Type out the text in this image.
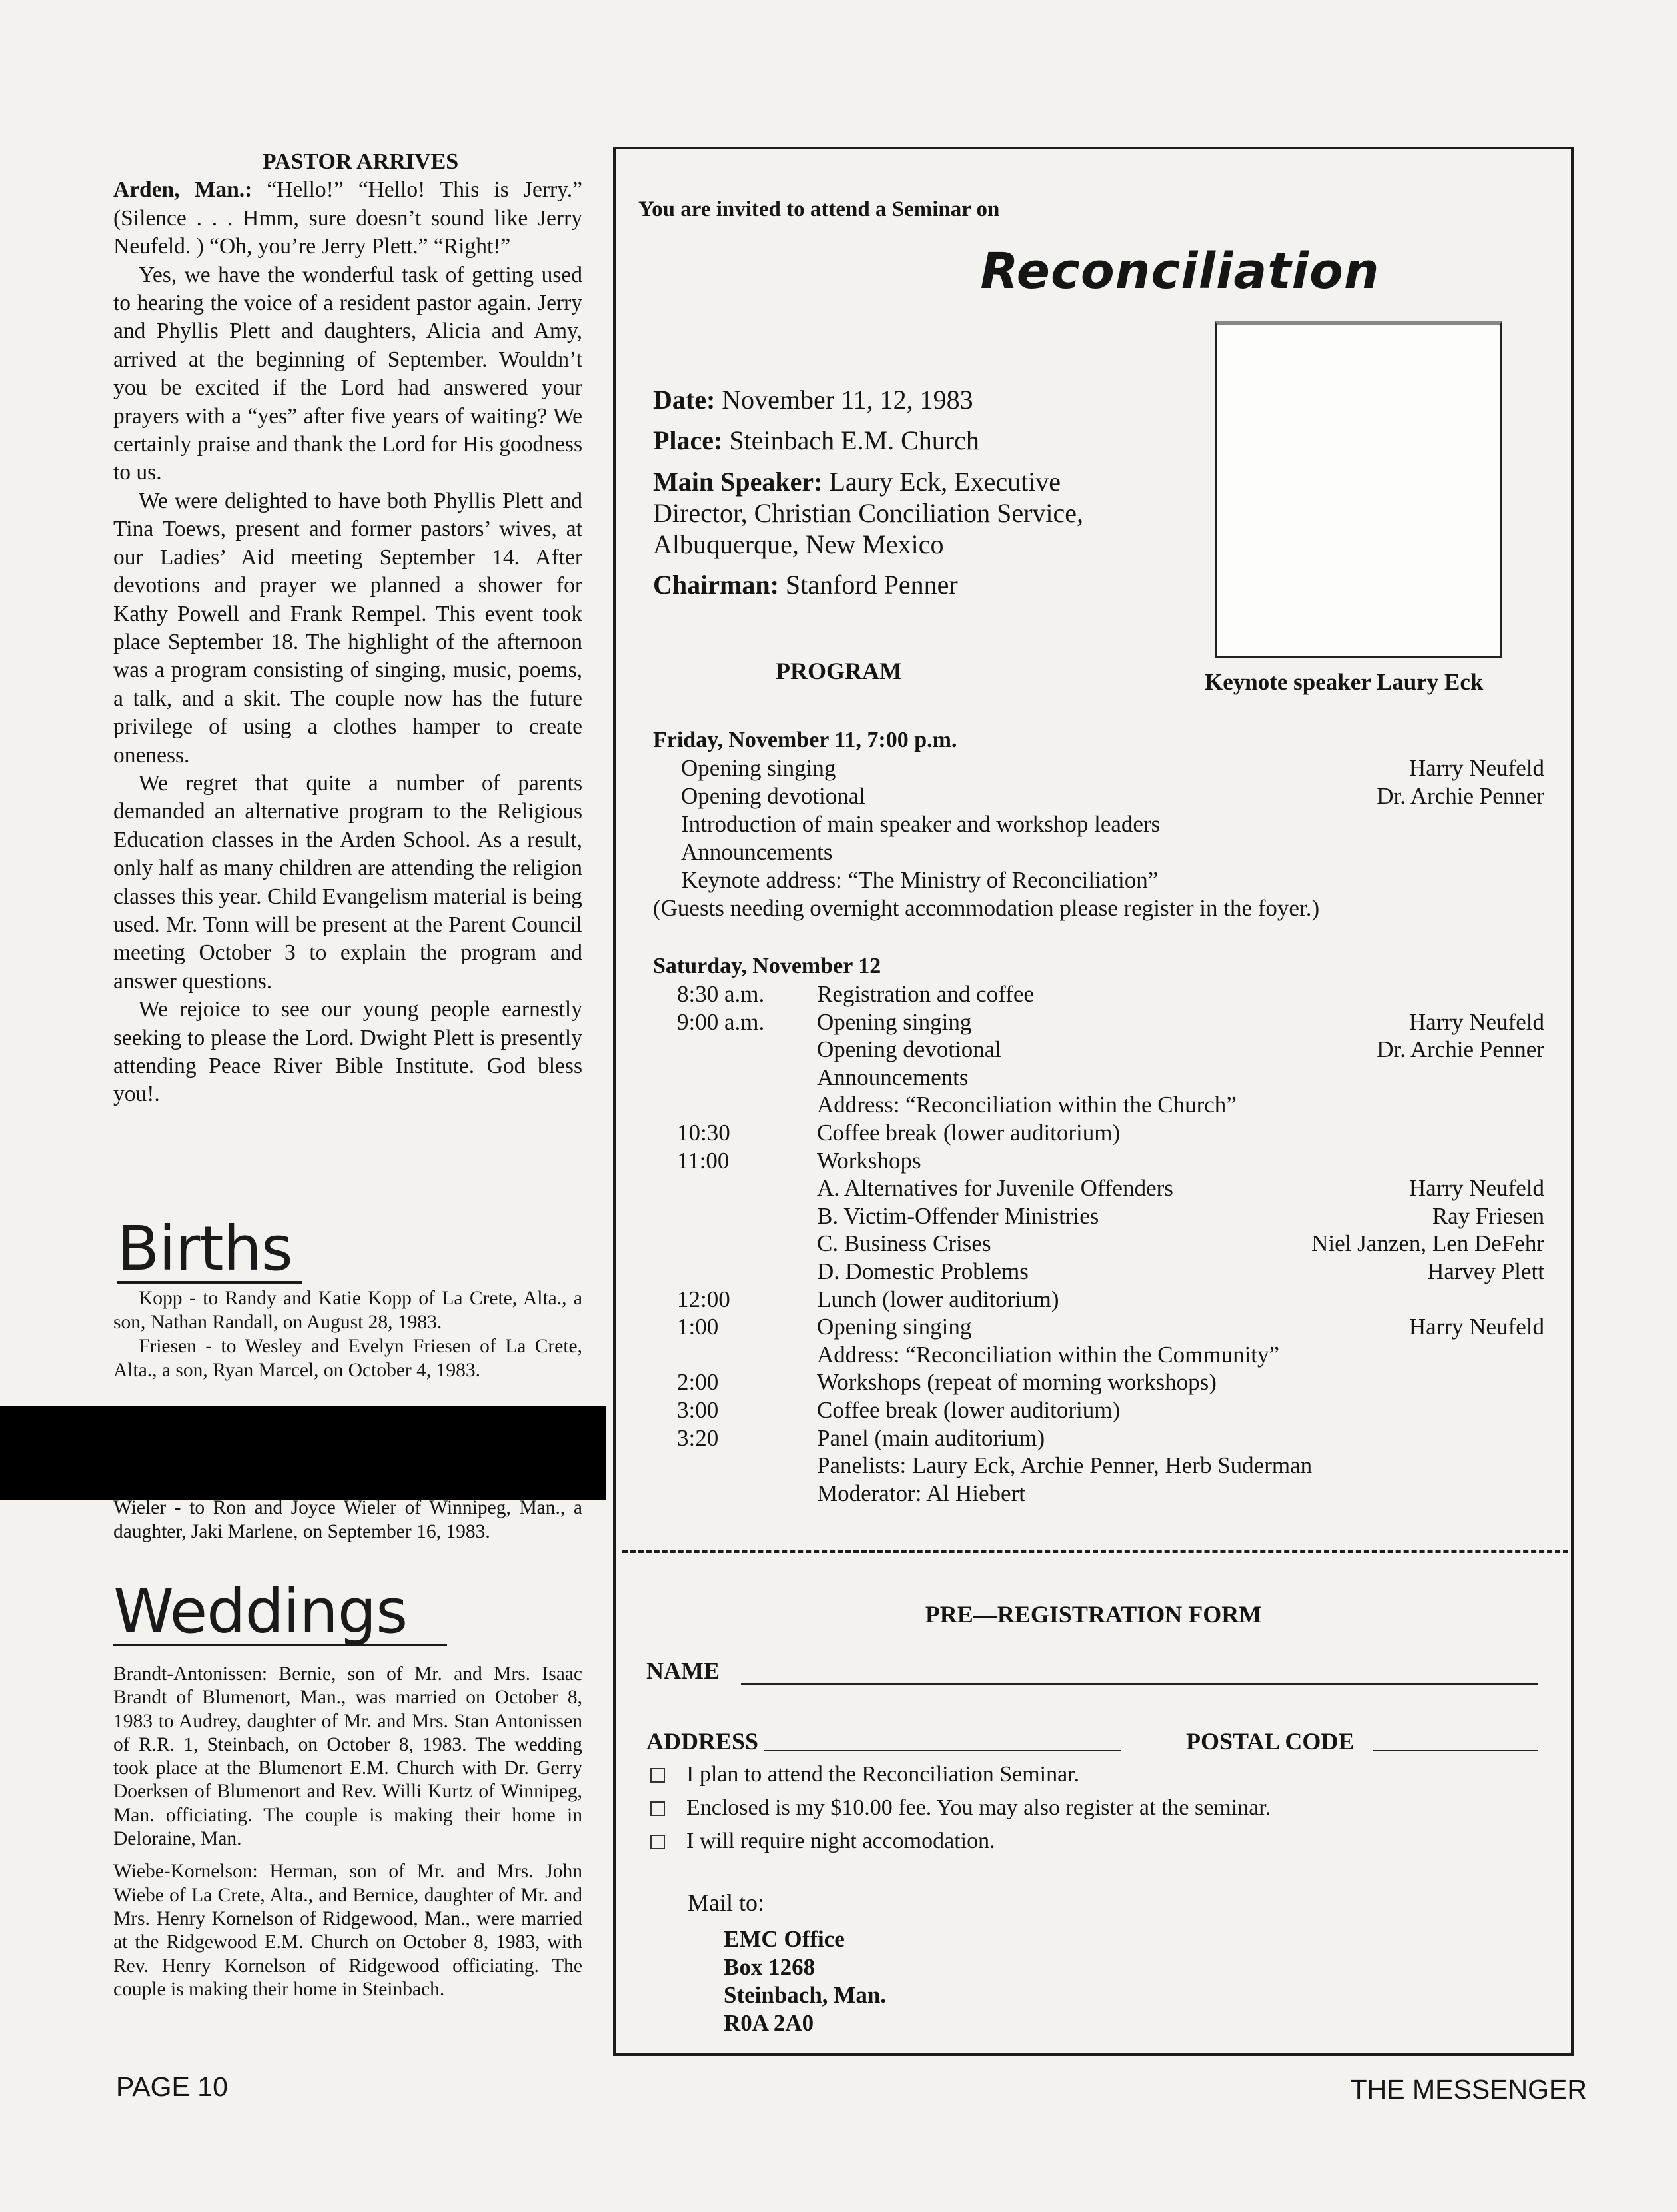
PASTOR ARRIVES

Arden, Man.: “Hello!” “Hello! This is Jerry.” (Silence . . . Hmm, sure doesn’t sound like Jerry Neufeld. ) “Oh, you’re Jerry Plett.” “Right!”

Yes, we have the wonderful task of getting used to hearing the voice of a resident pastor again. Jerry and Phyllis Plett and daughters, Alicia and Amy, arrived at the beginning of September. Wouldn’t you be excited if the Lord had answered your prayers with a “yes” after five years of waiting? We certainly praise and thank the Lord for His goodness to us.

We were delighted to have both Phyllis Plett and Tina Toews, present and former pastors’ wives, at our Ladies’ Aid meeting September 14. After devotions and prayer we planned a shower for Kathy Powell and Frank Rempel. This event took place September 18. The highlight of the afternoon was a program consisting of singing, music, poems, a talk, and a skit. The couple now has the future privilege of using a clothes hamper to create oneness.

We regret that quite a number of parents demanded an alternative program to the Religious Education classes in the Arden School. As a result, only half as many children are attending the religion classes this year. Child Evangelism material is being used. Mr. Tonn will be present at the Parent Council meeting October 3 to explain the program and answer questions.

We rejoice to see our young people earnestly seeking to please the Lord. Dwight Plett is presently attending Peace River Bible Institute. God bless you!.

Births

Kopp - to Randy and Katie Kopp of La Crete, Alta., a son, Nathan Randall, on August 28, 1983.

Friesen - to Wesley and Evelyn Friesen of La Crete, Alta., a son, Ryan Marcel, on October 4, 1983.

Wieler - to Ron and Joyce Wieler of Winnipeg, Man., a daughter, Jaki Marlene, on September 16, 1983.

Weddings

Brandt-Antonissen: Bernie, son of Mr. and Mrs. Isaac Brandt of Blumenort, Man., was married on October 8, 1983 to Audrey, daughter of Mr. and Mrs. Stan Antonissen of R.R. 1, Steinbach, on October 8, 1983. The wedding took place at the Blumenort E.M. Church with Dr. Gerry Doerksen of Blumenort and Rev. Willi Kurtz of Winnipeg, Man. officiating. The couple is making their home in Deloraine, Man.

Wiebe-Kornelson: Herman, son of Mr. and Mrs. John Wiebe of La Crete, Alta., and Bernice, daughter of Mr. and Mrs. Henry Kornelson of Ridgewood, Man., were married at the Ridgewood E.M. Church on October 8, 1983, with Rev. Henry Kornelson of Ridgewood officiating. The couple is making their home in Steinbach.

PAGE 10	THE MESSENGER
You are invited to attend a Seminar on
Reconciliation
Keynote speaker Laury Eck
Date: November 11, 12, 1983
Place: Steinbach E.M. Church
Main Speaker: Laury Eck, Executive Director, Christian Conciliation Service, Albuquerque, New Mexico
Chairman: Stanford Penner
PROGRAM
Friday, November 11, 7:00 p.m.
Opening singing	Harry Neufeld
Opening devotional	Dr. Archie Penner
Introduction of main speaker and workshop leaders
Announcements
Keynote address: “The Ministry of Reconciliation”
(Guests needing overnight accommodation please register in the foyer.)
Saturday, November 12
8:30 a.m. Registration and coffee
9:00 a.m. Opening singing	Harry Neufeld
Opening devotional	Dr. Archie Penner
Announcements
Address: “Reconciliation within the Church”
10:30	Coffee break (lower auditorium)
11:00	Workshops
A. Alternatives for Juvenile Offenders	Harry Neufeld
B. Victim-Offender Ministries	Ray Friesen
C. Business Crises	Niel Janzen, Len DeFehr
D. Domestic Problems	Harvey Plett
12:00	Lunch (lower auditorium)
1:00	Opening singing	Harry Neufeld
Address: “Reconciliation within the Community”
2:00	Workshops (repeat of morning workshops)
3:00	Coffee break (lower auditorium)
3:20	Panel (main auditorium)
Panelists: Laury Eck, Archie Penner, Herb Suderman
Moderator: Al Hiebert
PRE—REGISTRATION FORM
NAME
ADDRESS	POSTAL CODE
I plan to attend the Reconciliation Seminar.
Enclosed is my $10.00 fee. You may also register at the seminar.
I will require night accomodation.
Mail to:
EMC Office
Box 1268
Steinbach, Man.
R0A 2A0
